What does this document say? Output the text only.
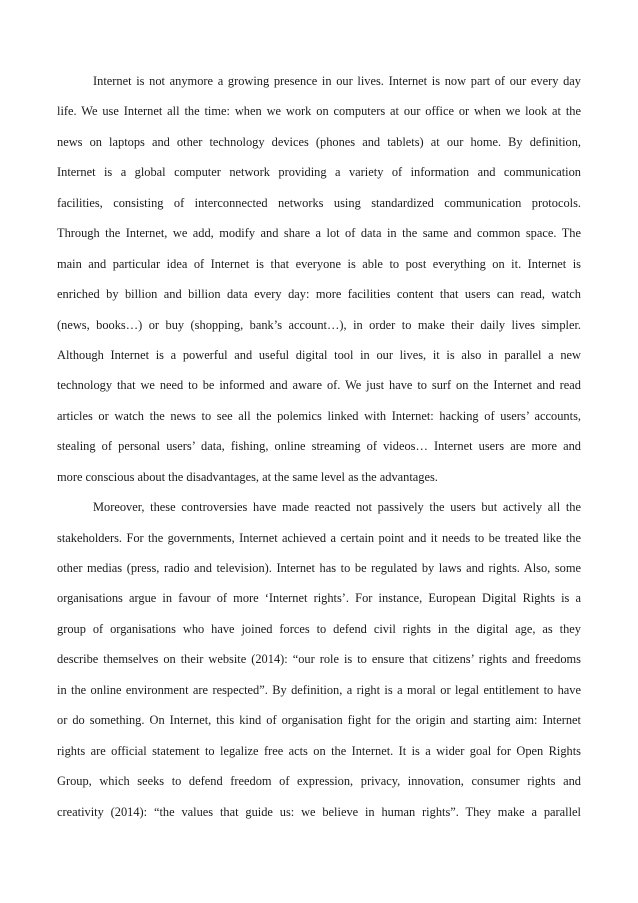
Internet is not anymore a growing presence in our lives. Internet is now part of our every day
life. We use Internet all the time: when we work on computers at our office or when we look at the
news on laptops and other technology devices (phones and tablets) at our home. By definition,
Internet is a global computer network providing a variety of information and communication
facilities, consisting of interconnected networks using standardized communication protocols.
Through the Internet, we add, modify and share a lot of data in the same and common space. The
main and particular idea of Internet is that everyone is able to post everything on it. Internet is
enriched by billion and billion data every day: more facilities content that users can read, watch
(news, books…) or buy (shopping, bank’s account…), in order to make their daily lives simpler.
Although Internet is a powerful and useful digital tool in our lives, it is also in parallel a new
technology that we need to be informed and aware of. We just have to surf on the Internet and read
articles or watch the news to see all the polemics linked with Internet: hacking of users’ accounts,
stealing of personal users’ data, fishing, online streaming of videos… Internet users are more and
more conscious about the disadvantages, at the same level as the advantages.
Moreover, these controversies have made reacted not passively the users but actively all the
stakeholders. For the governments, Internet achieved a certain point and it needs to be treated like the
other medias (press, radio and television). Internet has to be regulated by laws and rights. Also, some
organisations argue in favour of more ‘Internet rights’. For instance, European Digital Rights is a
group of organisations who have joined forces to defend civil rights in the digital age, as they
describe themselves on their website (2014): “our role is to ensure that citizens’ rights and freedoms
in the online environment are respected”. By definition, a right is a moral or legal entitlement to have
or do something. On Internet, this kind of organisation fight for the origin and starting aim: Internet
rights are official statement to legalize free acts on the Internet. It is a wider goal for Open Rights
Group, which seeks to defend freedom of expression, privacy, innovation, consumer rights and
creativity (2014): “the values that guide us: we believe in human rights”. They make a parallel
